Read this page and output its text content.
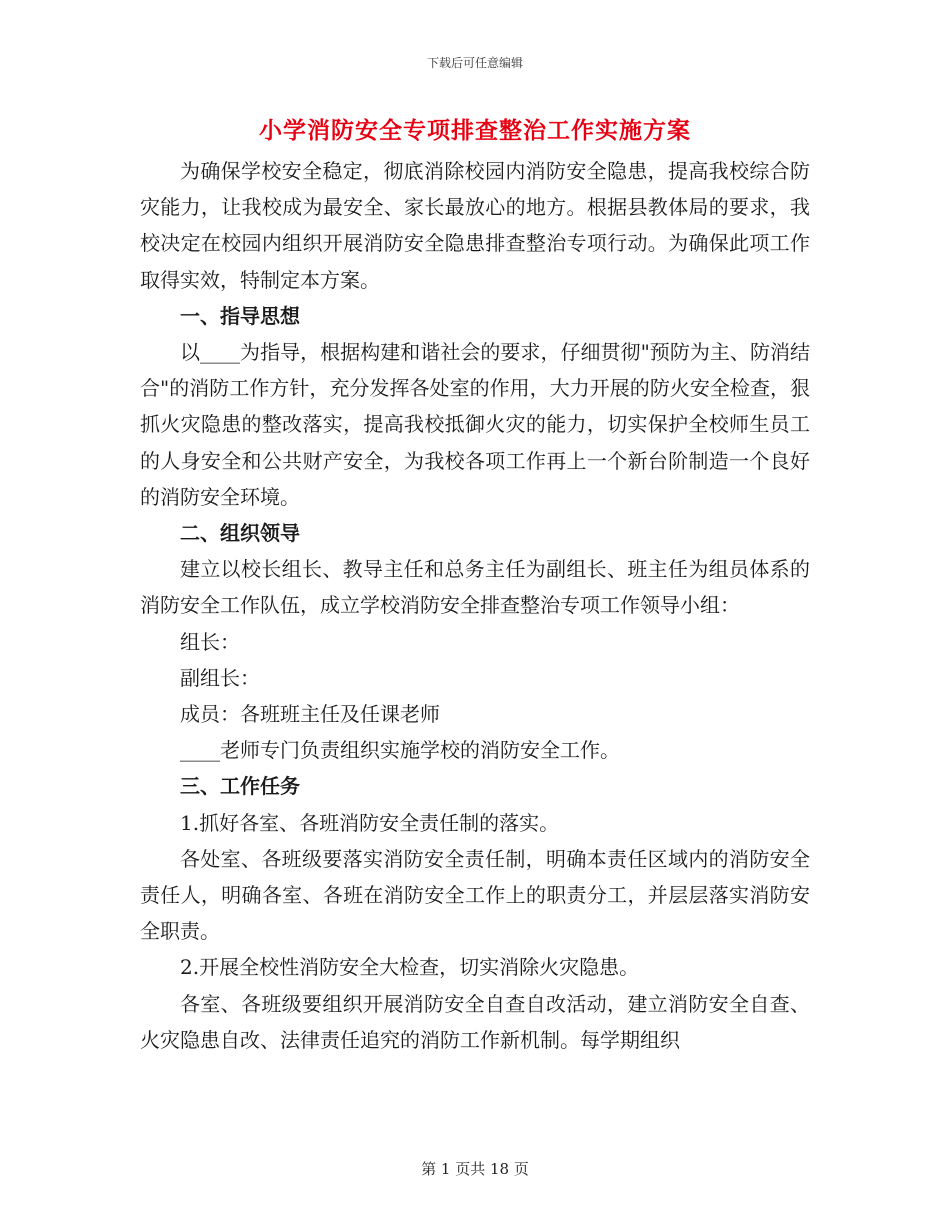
下载后可任意编辑
小学消防安全专项排查整治工作实施方案

为确保学校安全稳定，彻底消除校园内消防安全隐患，提高我校综合防灾能力，让我校成为最安全、家长最放心的地方。根据县教体局的要求，我校决定在校园内组织开展消防安全隐患排查整治专项行动。为确保此项工作取得实效，特制定本方案。

一、指导思想

以____为指导，根据构建和谐社会的要求，仔细贯彻"预防为主、防消结合"的消防工作方针，充分发挥各处室的作用，大力开展的防火安全检查，狠抓火灾隐患的整改落实，提高我校抵御火灾的能力，切实保护全校师生员工的人身安全和公共财产安全，为我校各项工作再上一个新台阶制造一个良好的消防安全环境。

二、组织领导

建立以校长组长、教导主任和总务主任为副组长、班主任为组员体系的消防安全工作队伍，成立学校消防安全排查整治专项工作领导小组：

组长：

副组长：

成员：各班班主任及任课老师

____老师专门负责组织实施学校的消防安全工作。

三、工作任务

1.抓好各室、各班消防安全责任制的落实。

各处室、各班级要落实消防安全责任制，明确本责任区域内的消防安全责任人，明确各室、各班在消防安全工作上的职责分工，并层层落实消防安全职责。

2.开展全校性消防安全大检查，切实消除火灾隐患。

各室、各班级要组织开展消防安全自查自改活动，建立消防安全自查、火灾隐患自改、法律责任追究的消防工作新机制。每学期组织

第 1 页共 18 页
